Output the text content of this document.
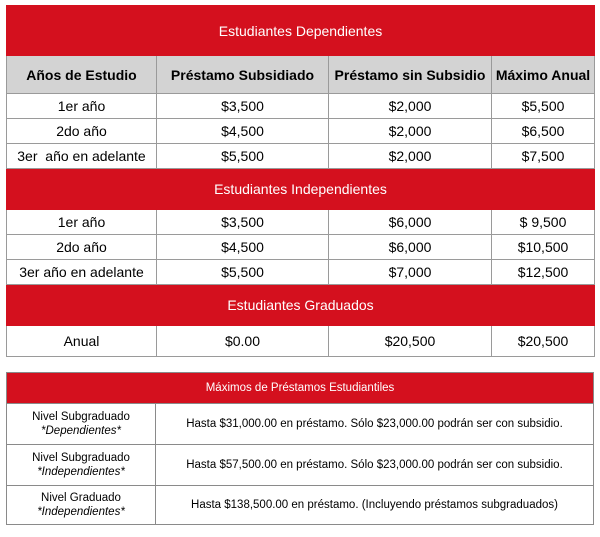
Estudiantes Dependientes			
Años de Estudio	Préstamo Subsidiado	Préstamo sin Subsidio	Máximo Anual
1er año	$3,500	$2,000	$5,500
2do año	$4,500	$2,000	$6,500
3er  año en adelante	$5,500	$2,000	$7,500
Estudiantes Independientes			
1er año	$3,500	$6,000	$ 9,500
2do año	$4,500	$6,000	$10,500
3er año en adelante	$5,500	$7,000	$12,500
Estudiantes Graduados			
Anual	$0.00	$20,500	$20,500
Máximos de Préstamos Estudiantiles
Nivel Subgraduado
*Dependientes*	Hasta $31,000.00 en préstamo. Sólo $23,000.00 podrán ser con subsidio.

Nivel Subgraduado
*Independientes*	Hasta $57,500.00 en préstamo. Sólo $23,000.00 podrán ser con subsidio.

Nivel Graduado
*Independientes*	Hasta $138,500.00 en préstamo. (Incluyendo préstamos subgraduados)
